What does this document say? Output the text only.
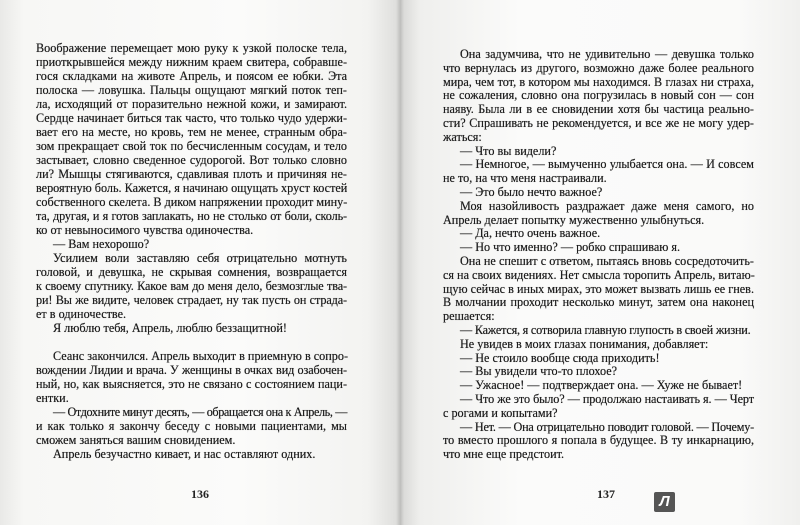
Воображение перемещает мою руку к узкой полоске тела,
приоткрывшейся между нижним краем свитера, собравше-
гося складками на животе Апрель, и поясом ее юбки. Эта
полоска — ловушка. Пальцы ощущают мягкий поток теп-
ла, исходящий от поразительно нежной кожи, и замирают.
Сердце начинает биться так часто, что только чудо удержи-
вает его на месте, но кровь, тем не менее, странным обра-
зом прекращает свой ток по бесчисленным сосудам, и тело
застывает, словно сведенное судорогой. Вот только словно
ли? Мышцы стягиваются, сдавливая плоть и причиняя не-
вероятную боль. Кажется, я начинаю ощущать хруст костей
собственного скелета. В диком напряжении проходит мину-
та, другая, и я готов заплакать, но не столько от боли, сколь-
ко от невыносимого чувства одиночества.
— Вам нехорошо?
Усилием воли заставляю себя отрицательно мотнуть
головой, и девушка, не скрывая сомнения, возвращается
к своему спутнику. Какое вам до меня дело, безмозглые тва-
ри! Вы же видите, человек страдает, ну так пусть он страда-
ет в одиночестве.
Я люблю тебя, Апрель, люблю беззащитной!
Сеанс закончился. Апрель выходит в приемную в сопро-
вождении Лидии и врача. У женщины в очках вид озабочен-
ный, но, как выясняется, это не связано с состоянием паци-
ентки.
— Отдохните минут десять, — обращается она к Апрель, —
и как только я закончу беседу с новыми пациентами, мы
сможем заняться вашим сновидением.
Апрель безучастно кивает, и нас оставляют одних.
136
Она задумчива, что не удивительно — девушка только
что вернулась из другого, возможно даже более реального
мира, чем тот, в котором мы находимся. В глазах ни страха,
не сожаления, словно она погрузилась в новый сон — сон
наяву. Была ли в ее сновидении хотя бы частица реально-
сти? Спрашивать не рекомендуется, и все же не могу удер-
жаться:
— Что вы видели?
— Немногое, — вымученно улыбается она. — И совсем
не то, на что меня настраивали.
— Это было нечто важное?
Моя назойливость раздражает даже меня самого, но
Апрель делает попытку мужественно улыбнуться.
— Да, нечто очень важное.
— Но что именно? — робко спрашиваю я.
Она не спешит с ответом, пытаясь вновь сосредоточить-
ся на своих видениях. Нет смысла торопить Апрель, витаю-
щую сейчас в иных мирах, это может вызвать лишь ее гнев.
В молчании проходит несколько минут, затем она наконец
решается:
— Кажется, я сотворила главную глупость в своей жизни.
Не увидев в моих глазах понимания, добавляет:
— Не стоило вообще сюда приходить!
— Вы увидели что-то плохое?
— Ужасное! — подтверждает она. — Хуже не бывает!
— Что же это было? — продолжаю настаивать я. — Черт
с рогами и копытами?
— Нет. — Она отрицательно поводит головой. — Почему-
то вместо прошлого я попала в будущее. В ту инкарнацию,
что мне еще предстоит.
137	Л
